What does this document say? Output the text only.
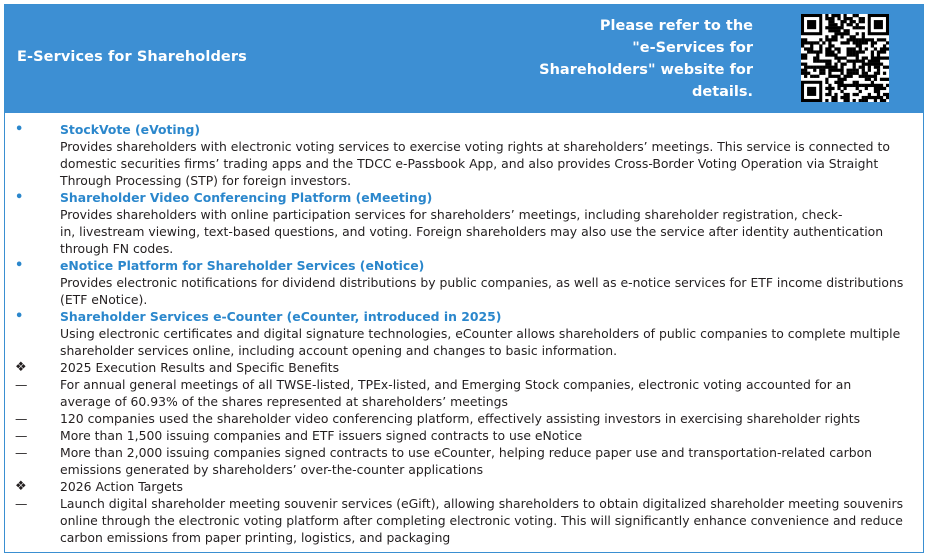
E-Services for Shareholders
Please refer to the
"e-Services for
Shareholders" website for
details.
•	StockVote (eVoting)
Provides shareholders with electronic voting services to exercise voting rights at shareholders’ meetings. This service is connected to
domestic securities firms’ trading apps and the TDCC e-Passbook App, and also provides Cross-Border Voting Operation via Straight
Through Processing (STP) for foreign investors.
•	Shareholder Video Conferencing Platform (eMeeting)
Provides shareholders with online participation services for shareholders’ meetings, including shareholder registration, check-
in, livestream viewing, text-based questions, and voting. Foreign shareholders may also use the service after identity authentication
through FN codes.
•	eNotice Platform for Shareholder Services (eNotice)
Provides electronic notifications for dividend distributions by public companies, as well as e-notice services for ETF income distributions
(ETF eNotice).
•	Shareholder Services e-Counter (eCounter, introduced in 2025)
Using electronic certificates and digital signature technologies, eCounter allows shareholders of public companies to complete multiple
shareholder services online, including account opening and changes to basic information.
❖	2025 Execution Results and Specific Benefits
—	For annual general meetings of all TWSE-listed, TPEx-listed, and Emerging Stock companies, electronic voting accounted for an
average of 60.93% of the shares represented at shareholders’ meetings
—	120 companies used the shareholder video conferencing platform, effectively assisting investors in exercising shareholder rights
—	More than 1,500 issuing companies and ETF issuers signed contracts to use eNotice
—	More than 2,000 issuing companies signed contracts to use eCounter, helping reduce paper use and transportation-related carbon
emissions generated by shareholders’ over-the-counter applications
❖	2026 Action Targets
—	Launch digital shareholder meeting souvenir services (eGift), allowing shareholders to obtain digitalized shareholder meeting souvenirs
online through the electronic voting platform after completing electronic voting. This will significantly enhance convenience and reduce
carbon emissions from paper printing, logistics, and packaging
